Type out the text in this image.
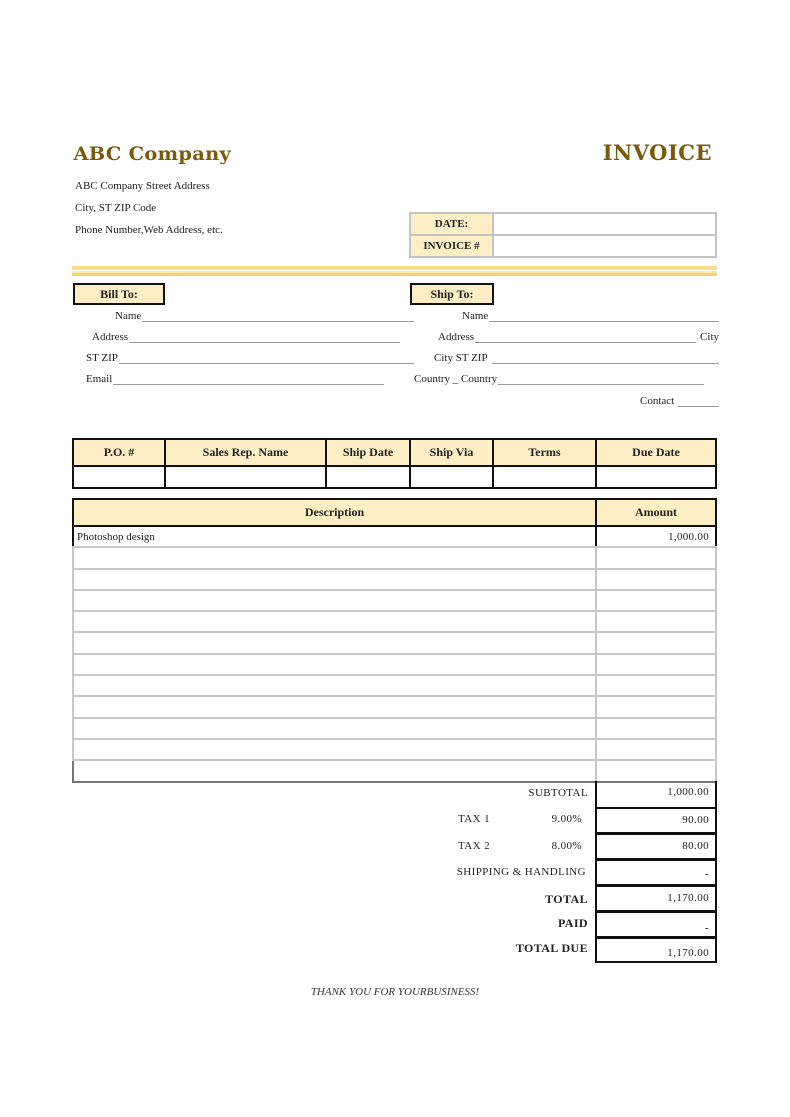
ABC Company	INVOICE
ABC Company Street Address
City, ST ZIP Code
Phone Number,Web Address, etc.	DATE:	
INVOICE #	
Bill To:
Name
Address
ST ZIP
Email
Ship To:
Name
Address	City
City ST ZIP
Country _ Country
Contact
P.O. #	Sales Rep. Name	Ship Date	Ship Via	Terms	Due Date

Description	Amount
Photoshop design	1,000.00

SUBTOTAL	1,000.00
TAX 1	9.00%	90.00
TAX 2	8.00%	80.00
SHIPPING & HANDLING	-
TOTAL	1,170.00
PAID	-
TOTAL DUE	1,170.00
THANK YOU FOR YOURBUSINESS!
